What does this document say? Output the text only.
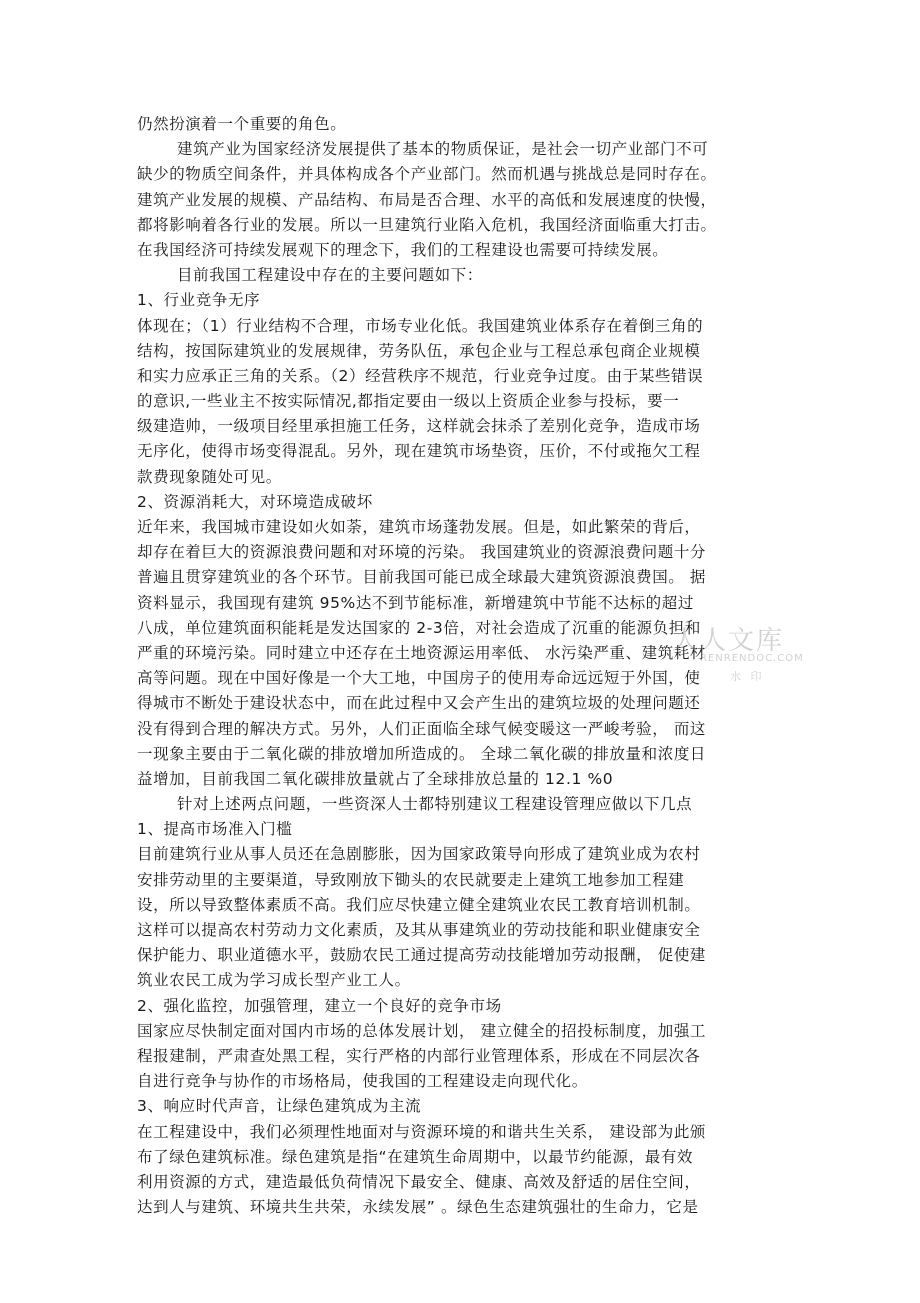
仍然扮演着一个重要的角色。
建筑产业为国家经济发展提供了基本的物质保证，是社会一切产业部门不可
缺少的物质空间条件，并具体构成各个产业部门。然而机遇与挑战总是同时存在。
建筑产业发展的规模、产品结构、布局是否合理、水平的高低和发展速度的快慢，
都将影响着各行业的发展。所以一旦建筑行业陷入危机，我国经济面临重大打击。
在我国经济可持续发展观下的理念下，我们的工程建设也需要可持续发展。
目前我国工程建设中存在的主要问题如下：
1、行业竞争无序
体现在；（1）行业结构不合理，市场专业化低。我国建筑业体系存在着倒三角的
结构，按国际建筑业的发展规律，劳务队伍，承包企业与工程总承包商企业规模
和实力应承正三角的关系。（2）经营秩序不规范，行业竞争过度。由于某些错误
的意识,一些业主不按实际情况,都指定要由一级以上资质企业参与投标，要一
级建造帅，一级项目经里承担施工任务，这样就会抹杀了差别化竞争，造成市场
无序化，使得市场变得混乱。另外，现在建筑市场垫资，压价，不付或拖欠工程
款费现象随处可见。
2、资源消耗大，对环境造成破坏
近年来，我国城市建设如火如荼，建筑市场蓬勃发展。但是，如此繁荣的背后，
却存在着巨大的资源浪费问题和对环境的污染。 我国建筑业的资源浪费问题十分
普遍且贯穿建筑业的各个环节。目前我国可能已成全球最大建筑资源浪费国。 据
资料显示，我国现有建筑 95%达不到节能标准，新增建筑中节能不达标的超过
八成，单位建筑面积能耗是发达国家的 2-3倍，对社会造成了沉重的能源负担和
严重的环境污染。同时建立中还存在土地资源运用率低、 水污染严重、建筑耗材
高等问题。现在中国好像是一个大工地，中国房子的使用寿命远远短于外国，使
得城市不断处于建设状态中，而在此过程中又会产生出的建筑垃圾的处理问题还
没有得到合理的解决方式。另外，人们正面临全球气候变暖这一严峻考验， 而这
一现象主要由于二氧化碳的排放增加所造成的。 全球二氧化碳的排放量和浓度日
益增加，目前我国二氧化碳排放量就占了全球排放总量的 12.1 %0
针对上述两点问题，一些资深人士都特别建议工程建设管理应做以下几点
1、提高市场准入门槛
目前建筑行业从事人员还在急剧膨胀，因为国家政策导向形成了建筑业成为农村
安排劳动里的主要渠道，导致刚放下锄头的农民就要走上建筑工地参加工程建
设，所以导致整体素质不高。我们应尽快建立健全建筑业农民工教育培训机制。
这样可以提高农村劳动力文化素质，及其从事建筑业的劳动技能和职业健康安全
保护能力、职业道德水平，鼓励农民工通过提高劳动技能增加劳动报酬， 促使建
筑业农民工成为学习成长型产业工人。
2、强化监控，加强管理，建立一个良好的竞争市场
国家应尽快制定面对国内市场的总体发展计划， 建立健全的招投标制度，加强工
程报建制，严肃查处黑工程，实行严格的内部行业管理体系，形成在不同层次各
自进行竞争与协作的市场格局，使我国的工程建设走向现代化。
3、响应时代声音，让绿色建筑成为主流
在工程建设中，我们必须理性地面对与资源环境的和谐共生关系， 建设部为此颁
布了绿色建筑标准。绿色建筑是指“在建筑生命周期中，以最节约能源，最有效
利用资源的方式，建造最低负荷情况下最安全、健康、高效及舒适的居住空间，
达到人与建筑、环境共生共荣，永续发展” 。绿色生态建筑强壮的生命力，它是
人人文库
RENRENDOC.COM
水 印
